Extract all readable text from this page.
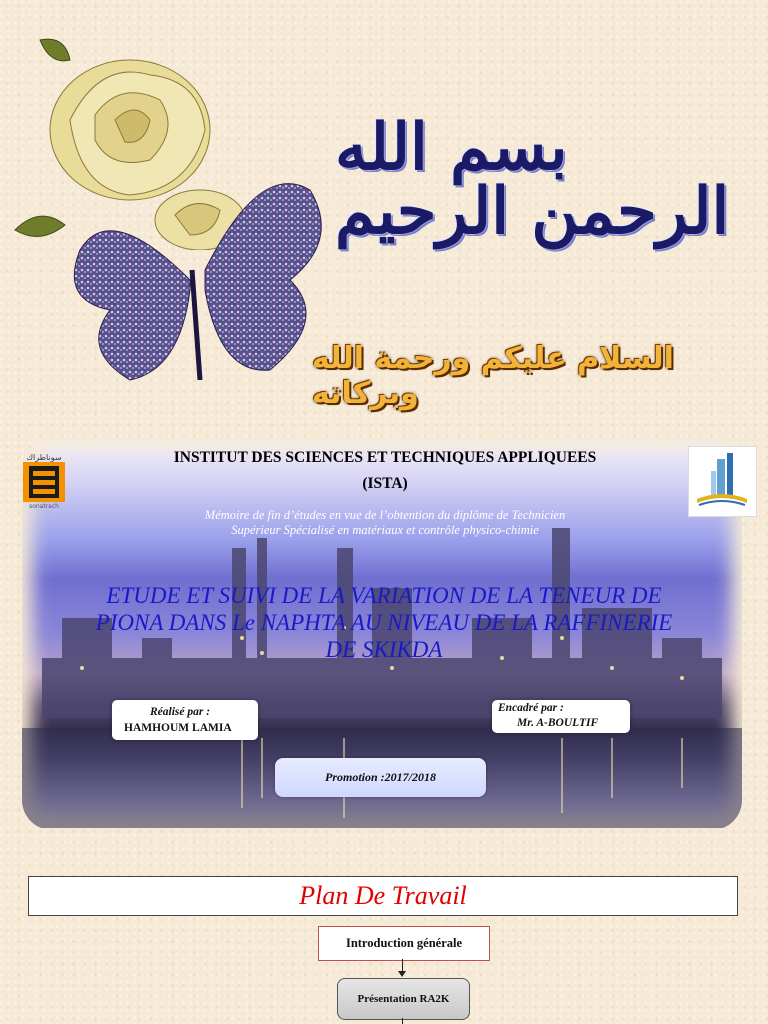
بسم الله الرحمن الرحيم
السلام عليكم ورحمة الله وبركاته
سوناطراك
sonatrach
INSTITUT DES SCIENCES ET TECHNIQUES APPLIQUEES
(ISTA)
Mémoire de fin d’études en vue de l’obtention du diplôme de Technicien
Supérieur Spécialisé en matériaux et contrôle physico-chimie
ETUDE ET SUIVI DE LA VARIATION DE LA TENEUR DE
PIONA DANS Le NAPHTA AU NIVEAU DE LA RAFFINERIE
DE SKIKDA
Réalisé par :
HAMHOUM LAMIA
Encadré par :
Mr. A-BOULTIF
Promotion :2017/2018
Plan De Travail
Introduction générale
Présentation RA2K
